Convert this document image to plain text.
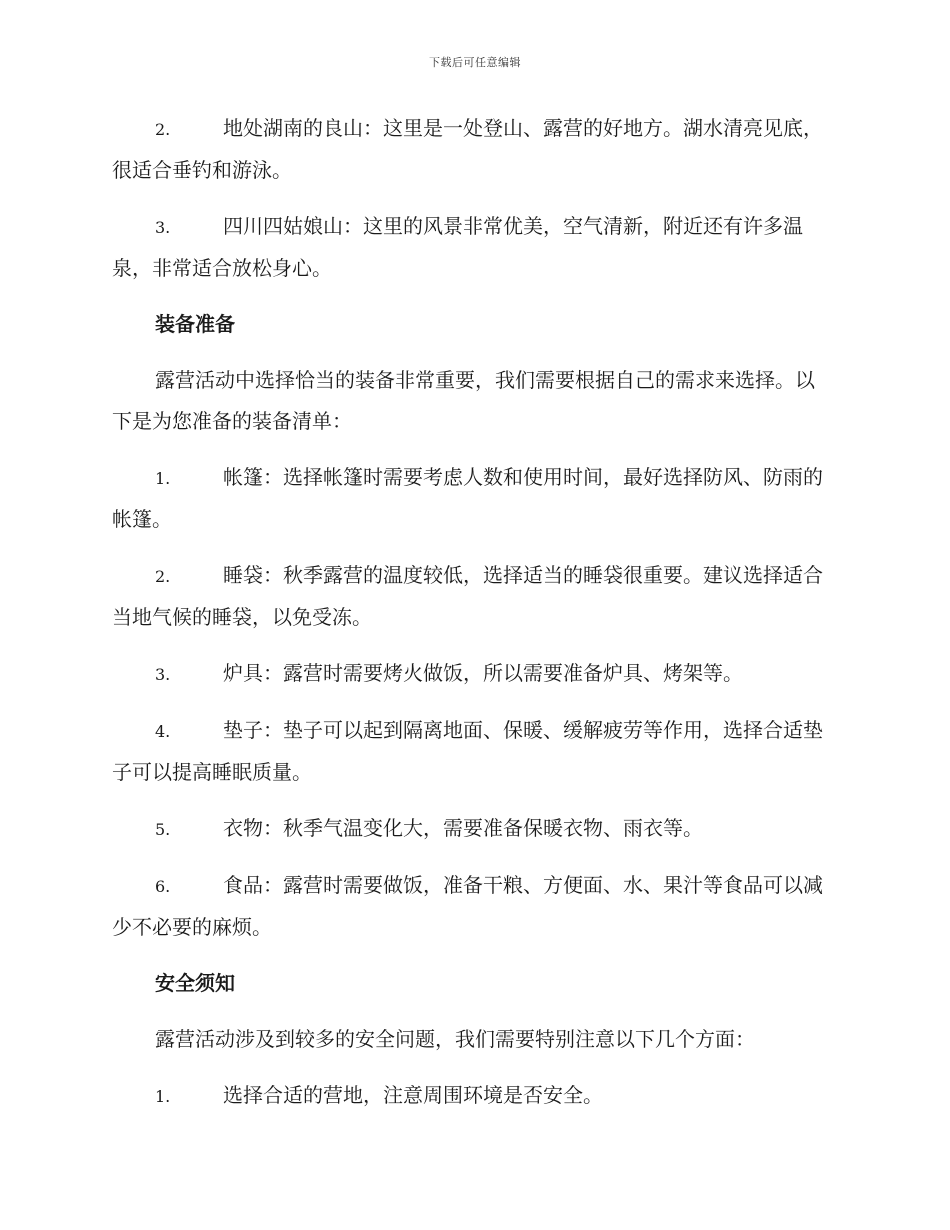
下载后可任意编辑
2.	地处湖南的良山：这里是一处登山、露营的好地方。湖水清亮见底，很适合垂钓和游泳。
3.	四川四姑娘山：这里的风景非常优美，空气清新，附近还有许多温泉，非常适合放松身心。
装备准备
露营活动中选择恰当的装备非常重要，我们需要根据自己的需求来选择。以下是为您准备的装备清单：
1.	帐篷：选择帐篷时需要考虑人数和使用时间，最好选择防风、防雨的帐篷。
2.	睡袋：秋季露营的温度较低，选择适当的睡袋很重要。建议选择适合当地气候的睡袋，以免受冻。
3.	炉具：露营时需要烤火做饭，所以需要准备炉具、烤架等。
4.	垫子：垫子可以起到隔离地面、保暖、缓解疲劳等作用，选择合适垫子可以提高睡眠质量。
5.	衣物：秋季气温变化大，需要准备保暖衣物、雨衣等。
6.	食品：露营时需要做饭，准备干粮、方便面、水、果汁等食品可以减少不必要的麻烦。
安全须知
露营活动涉及到较多的安全问题，我们需要特别注意以下几个方面：
1.	选择合适的营地，注意周围环境是否安全。
